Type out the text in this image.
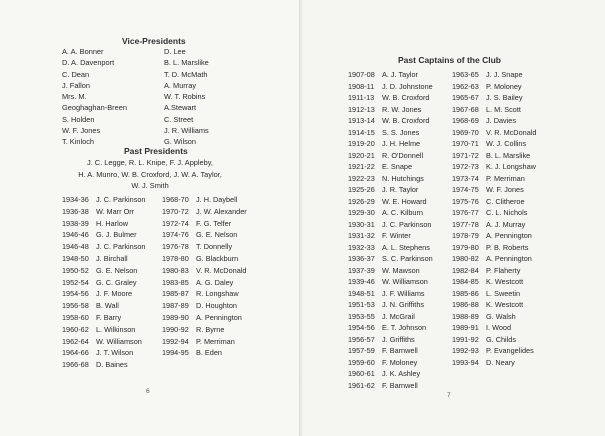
Vice-Presidents
A. A. Bonner
D. A. Davenport
C. Dean
J. Fallon
Mrs. M.
Geoghaghan-Breen
S. Holden
W. F. Jones
T. Kinloch
D. Lee
B. L. Marslike
T. D. McMath
A. Murray
W. T. Robins
A.Stewart
C. Street
J. R. Williams
G. Wilson
Past Presidents
J. C. Legge, R. L. Knipe, F. J. Appleby,
H. A. Munro, W. B. Croxford, J. W. A. Taylor,
W. J. Smith
1934-36 J. C. Parkinson
1936-38 W. Marr Orr
1938-39 H. Harlow
1946-46 G. J. Bulmer
1946-48 J. C. Parkinson
1948-50 J. Birchall
1950-52 G. E. Nelson
1952-54 G. C. Graley
1954-56 J. F. Moore
1956-58 B. Wall
1958-60 F. Barry
1960-62 L. Wilkinson
1962-64 W. Williamson
1964-66 J. T. Wilson
1966-68 D. Baines
1968-70 J. H. Daybell
1970-72 J. W. Alexander
1972-74 F. G. Telfer
1974-76 G. E. Nelson
1976-78 T. Donnelly
1978-80 G. Blackburn
1980-83 V. R. McDonald
1983-85 A. G. Daley
1985-87 R. Longshaw
1987-89 D. Houghton
1989-90 A. Pennington
1990-92 R. Byrne
1992-94 P. Merriman
1994-95 B. Eden
6
Past Captains of the Club
1907-08 A. J. Taylor
1908-11 J. D. Johnstone
1911-13 W. B. Croxford
1912-13 R. W. Jones
1913-14 W. B. Croxford
1914-15 S. S. Jones
1919-20 J. H. Helme
1920-21 R. O'Donnell
1921-22 E. Snape
1922-23 N. Hutchings
1925-26 J. R. Taylor
1926-29 W. E. Howard
1929-30 A. C. Kilburn
1930-31 J. C. Parkinson
1931-32 F. Winter
1932-33 A. L. Stephens
1936-37 S. C. Parkinson
1937-39 W. Mawson
1939-46 W. Williamson
1948-51 J. F. Williams
1951-53 J. N. Griffiths
1953-55 J. McGrail
1954-56 E. T. Johnson
1956-57 J. Griffiths
1957-59 F. Barnwell
1959-60 F. Moloney
1960-61 J. K. Ashley
1961-62 F. Barnwell
1963-65 J. J. Snape
1962-63 P. Moloney
1965-67 J. S. Bailey
1967-68 L. M. Scott
1968-69 J. Davies
1969-70 V. R. McDonald
1970-71 W. J. Collins
1971-72 B. L. Marslike
1972-73 K. J. Longshaw
1973-74 P. Merriman
1974-75 W. F. Jones
1975-76 C. Clitheroe
1976-77 C. L. Nichols
1977-78 A. J. Murray
1978-79 A. Pennington
1979-80 P. B. Roberts
1980-82 A. Pennington
1982-84 P. Flaherty
1984-85 K. Westcott
1985-86 L. Sweetin
1986-88 K. Westcott
1988-89 G. Walsh
1989-91 I. Wood
1991-92 G. Childs
1992-93 P. Evangelides
1993-94 D. Neary
7
